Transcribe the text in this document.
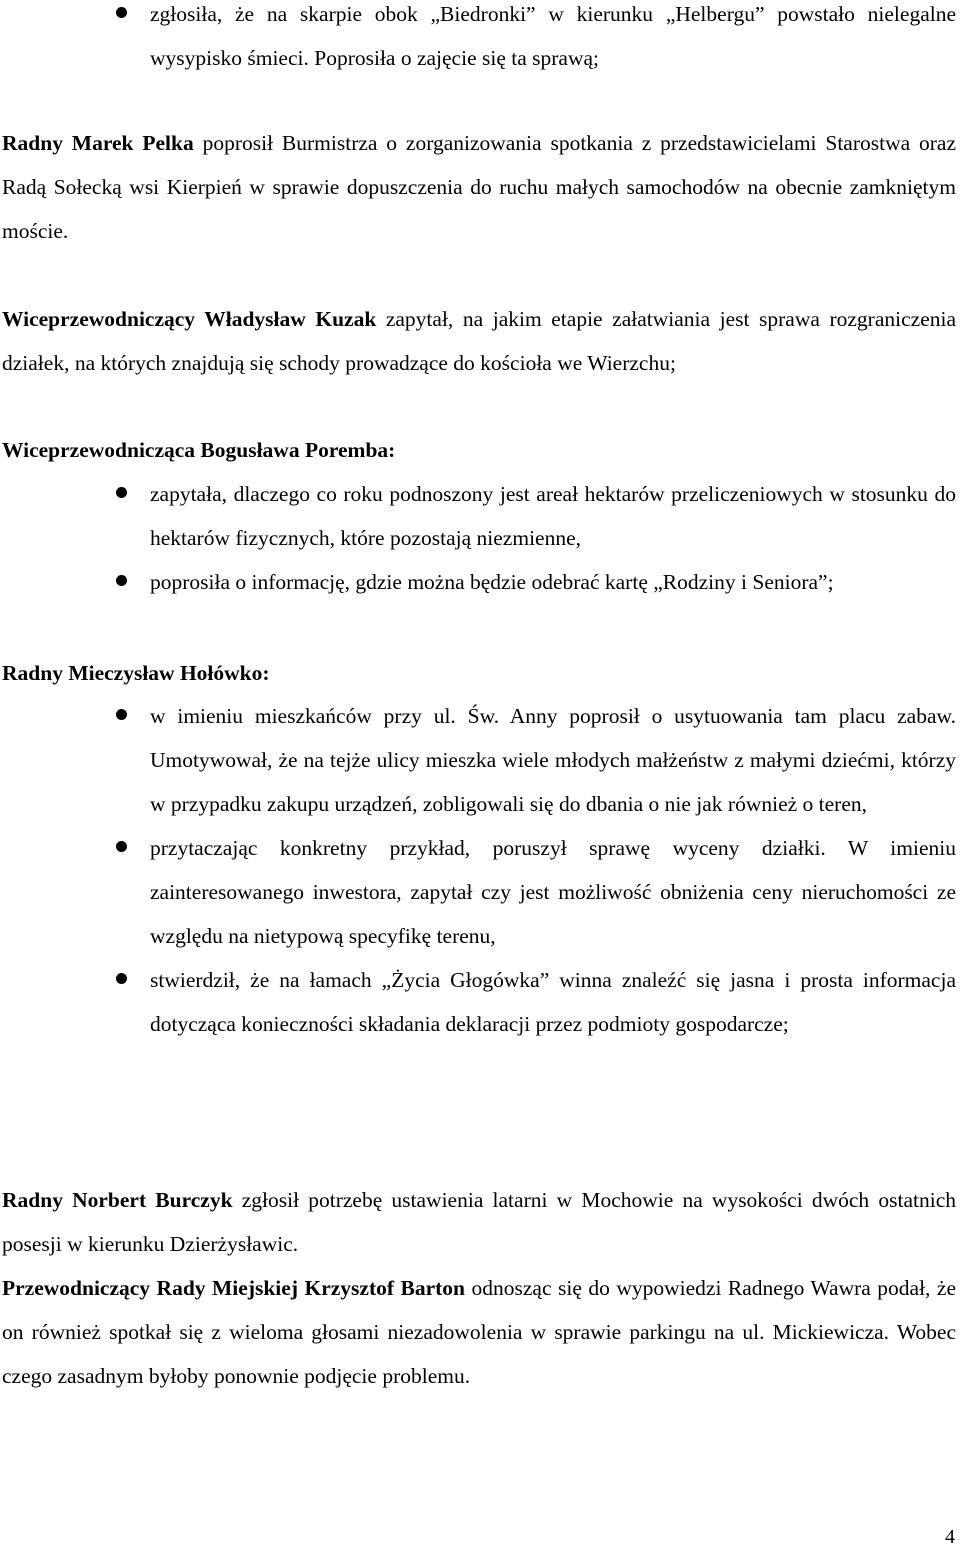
zgłosiła, że na skarpie obok „Biedronki” w kierunku „Helbergu” powstało nielegalne wysypisko śmieci. Poprosiła o zajęcie się ta sprawą;

Radny Marek Pelka poprosił Burmistrza o zorganizowania spotkania z przedstawicielami Starostwa oraz Radą Sołecką wsi Kierpień w sprawie dopuszczenia do ruchu małych samochodów na obecnie zamkniętym moście.

Wiceprzewodniczący Władysław Kuzak zapytał, na jakim etapie załatwiania jest sprawa rozgraniczenia działek, na których znajdują się schody prowadzące do kościoła we Wierzchu;

Wiceprzewodnicząca Bogusława Poremba:

zapytała, dlaczego co roku podnoszony jest areał hektarów przeliczeniowych w stosunku do hektarów fizycznych, które pozostają niezmienne,
poprosiła o informację, gdzie można będzie odebrać kartę „Rodziny i Seniora”;

Radny Mieczysław Hołówko:

w imieniu mieszkańców przy ul. Św. Anny poprosił o usytuowania tam placu zabaw. Umotywował, że na tejże ulicy mieszka wiele młodych małżeństw z małymi dziećmi, którzy w przypadku zakupu urządzeń, zobligowali się do dbania o nie jak również o teren,
przytaczając konkretny przykład, poruszył sprawę wyceny działki. W imieniu zainteresowanego inwestora, zapytał czy jest możliwość obniżenia ceny nieruchomości ze względu na nietypową specyfikę terenu,
stwierdził, że na łamach „Życia Głogówka” winna znaleźć się jasna i prosta informacja dotycząca konieczności składania deklaracji przez podmioty gospodarcze;

Radny Norbert Burczyk zgłosił potrzebę ustawienia latarni w Mochowie na wysokości dwóch ostatnich posesji w kierunku Dzierżysławic.

Przewodniczący Rady Miejskiej Krzysztof Barton odnosząc się do wypowiedzi Radnego Wawra podał, że on również spotkał się z wieloma głosami niezadowolenia w sprawie parkingu na ul. Mickiewicza. Wobec czego zasadnym byłoby ponownie podjęcie problemu.

4
